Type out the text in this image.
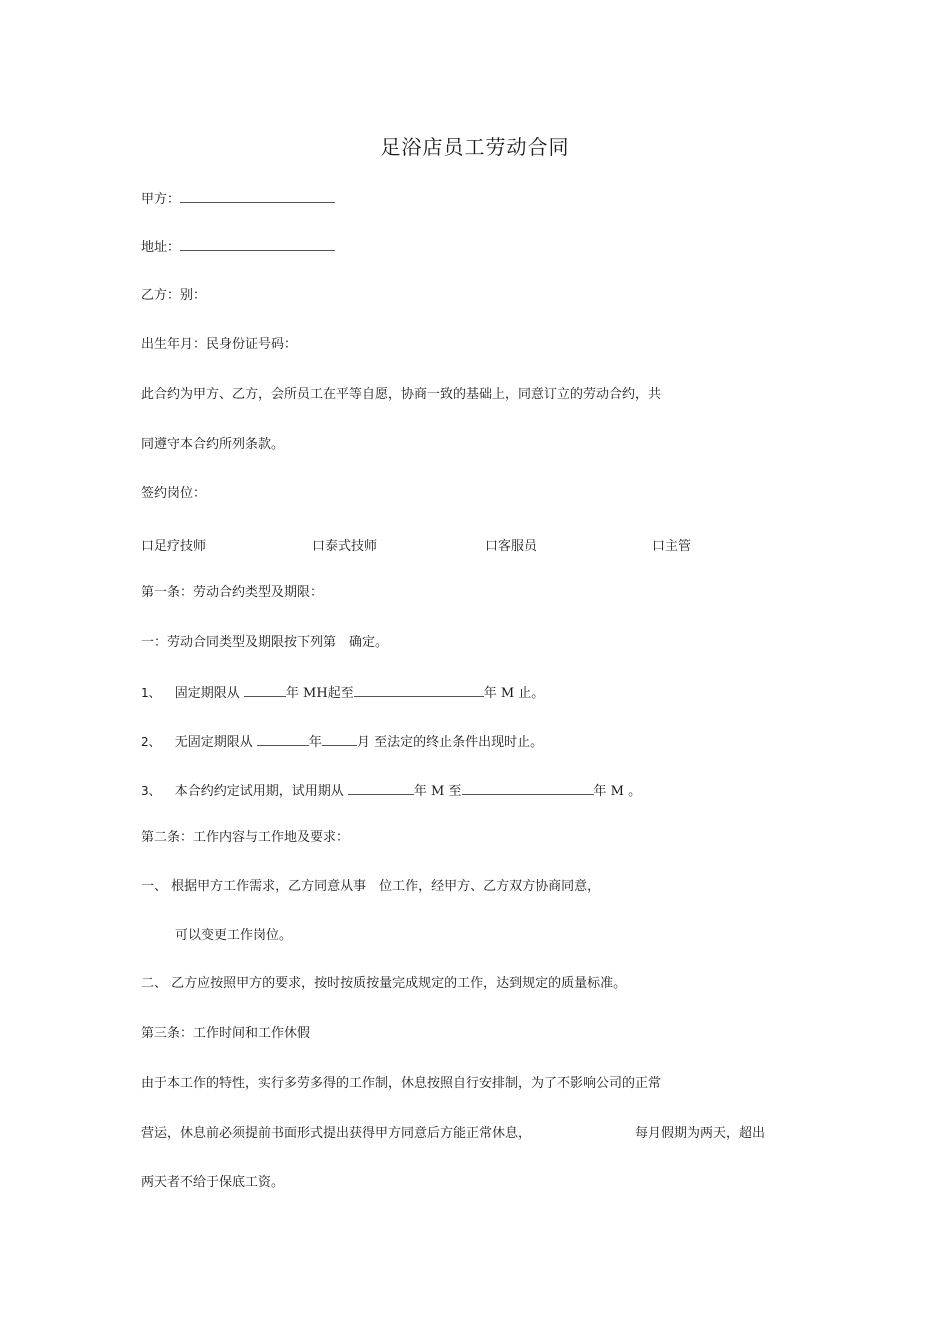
足浴店员工劳动合同
甲方：
地址：
乙方：别：
出生年月：民身份证号码：
此合约为甲方、乙方，会所员工在平等自愿，协商一致的基础上，同意订立的劳动合约，共
同遵守本合约所列条款。
签约岗位：
口足疗技师	口泰式技师	口客服员	口主管
第一条：劳动合约类型及期限：
一：劳动合同类型及期限按下列第　确定。
1、 固定期限从	年 MH起至	年 M 止。
2、 无固定期限从	年	月 至法定的终止条件出现时止。
3、 本合约约定试用期，试用期从	年 M 至	年 M 。
第二条：工作内容与工作地及要求：
一、 根据甲方工作需求，乙方同意从事　位工作，经甲方、乙方双方协商同意，
可以变更工作岗位。
二、 乙方应按照甲方的要求，按时按质按量完成规定的工作，达到规定的质量标准。
第三条：工作时间和工作休假
由于本工作的特性，实行多劳多得的工作制，休息按照自行安排制，为了不影响公司的正常
营运，休息前必须提前书面形式提出获得甲方同意后方能正常休息，	每月假期为两天，超出
两天者不给于保底工资。
